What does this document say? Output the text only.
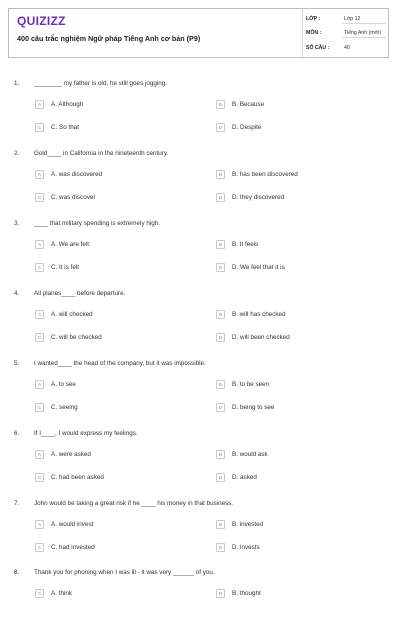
QUIZIZZ
400 câu trắc nghiệm Ngữ pháp Tiếng Anh cơ bản (P9)
LỚP :	Lớp 12
MÔN :	Tiếng Anh (mới)
SỐ CÂU :	40
1. ________ my father is old, he still goes jogging.
A	A. Although	B	B. Because
C	C. So that	D	D. Despite
2. Gold____ in California in the nineteenth century.
A	A. was discovered	B	B. has been discovered
C	C. was discover	D	D. they discovered
3. ____ that military spending is extremely high.
A	A. We are felt	B	B. It feels
C	C. It is felt	D	D. We feel that it is
4. All planes____ before departure.
A	A. will checked	B	B. will has checked
C	C. will be checked	D	D. will been checked
5. I wanted____ the head of the company, but it was impossible.
A	A. to see	B	B. to be seen
C	C. seeing	D	D. being to see
6. If I____, I would express my feelings.
A	A. were asked	B	B. would ask
C	C. had been asked	D	D. asked
7. John would be taking a great risk if he ____ his money in that business.
A	A. would invest	B	B. invested
C	C. had invested	D	D. invests
8. Thank you for phoning when I was ill - it was very ______ of you.
A	A. think	B	B. thought
